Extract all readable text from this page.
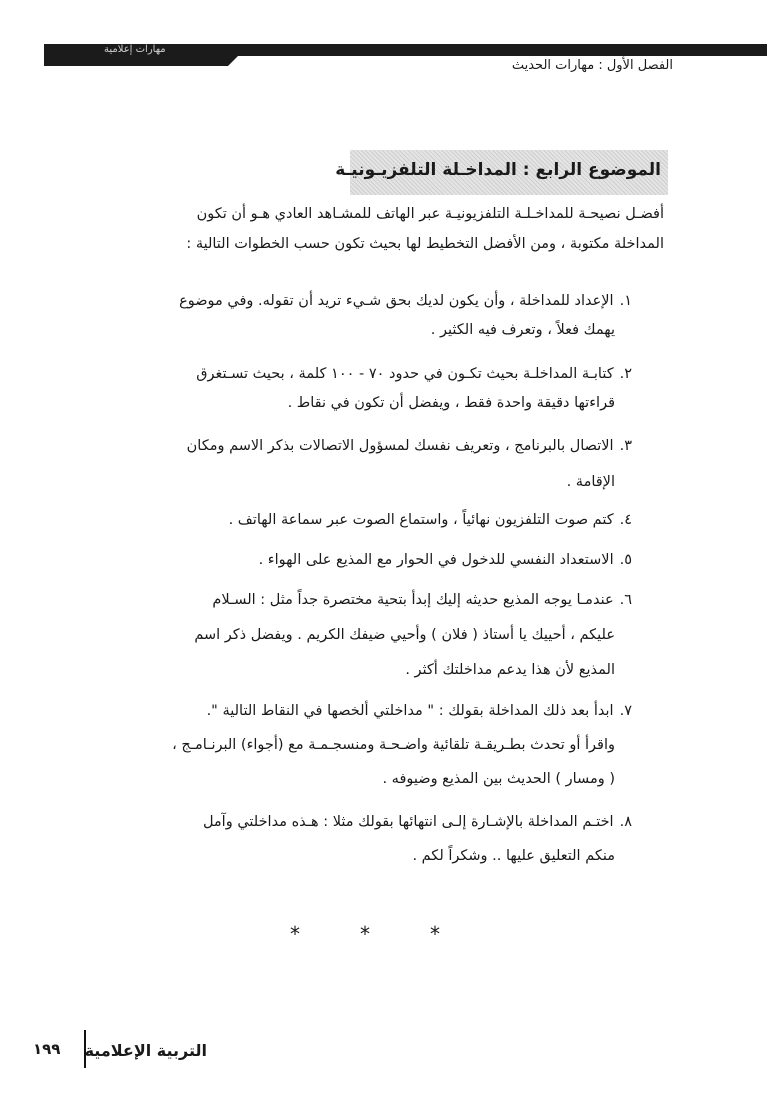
مهارات إعلامية
الفصل الأول : مهارات الحديث
الموضوع الرابع : المداخـلة التلفزيـونيـة
أفضـل نصيحـة للمداخـلـة التلفزيونيـة عبر الهاتف للمشـاهد العادي هـو أن تكون
المداخلة مكتوبة ، ومن الأفضل التخطيط لها بحيث تكون حسب الخطوات التالية :
١.الإعداد للمداخلة ، وأن يكون لديك بحق شـيء تريد أن تقوله. وفي موضوع
يهمك فعلاً ، وتعرف فيه الكثير .
٢.كتابـة المداخلـة بحيث تكـون في حدود ٧٠ - ١٠٠ كلمة ، بحيث تسـتغرق
قراءتها دقيقة واحدة فقط ، ويفضل أن تكون في نقاط .
٣.الاتصال بالبرنامج ، وتعريف نفسك لمسؤول الاتصالات بذكر الاسم ومكان
الإقامة .
٤.كتم صوت التلفزيون نهائياً ، واستماع الصوت عبر سماعة الهاتف .
٥.الاستعداد النفسي للدخول في الحوار مع المذيع على الهواء .
٦.عندمـا يوجه المذيع حديثه إليك إبدأ بتحية مختصرة جداً مثل : السـلام
عليكم ، أحييك يا أستاذ ( فلان ) وأحيي ضيفك الكريم . ويفضل ذكر اسم
المذيع لأن هذا يدعم مداخلتك أكثر .
٧.ابدأ بعد ذلك المداخلة بقولك : " مداخلتي ألخصها في النقاط التالية ".
واقرأ أو تحدث بطـريقـة تلقائية واضـحـة ومنسجـمـة مع (أجواء) البرنـامـج ،
( ومسار ) الحديث بين المذيع وضيوفه .
٨.اختـم المداخلة بالإشـارة إلـى انتهائها بقولك مثلا : هـذه مداخلتي وآمل
منكم التعليق عليها .. وشكراً لكم .
*	*	*
التربية الإعلامية
١٩٩
